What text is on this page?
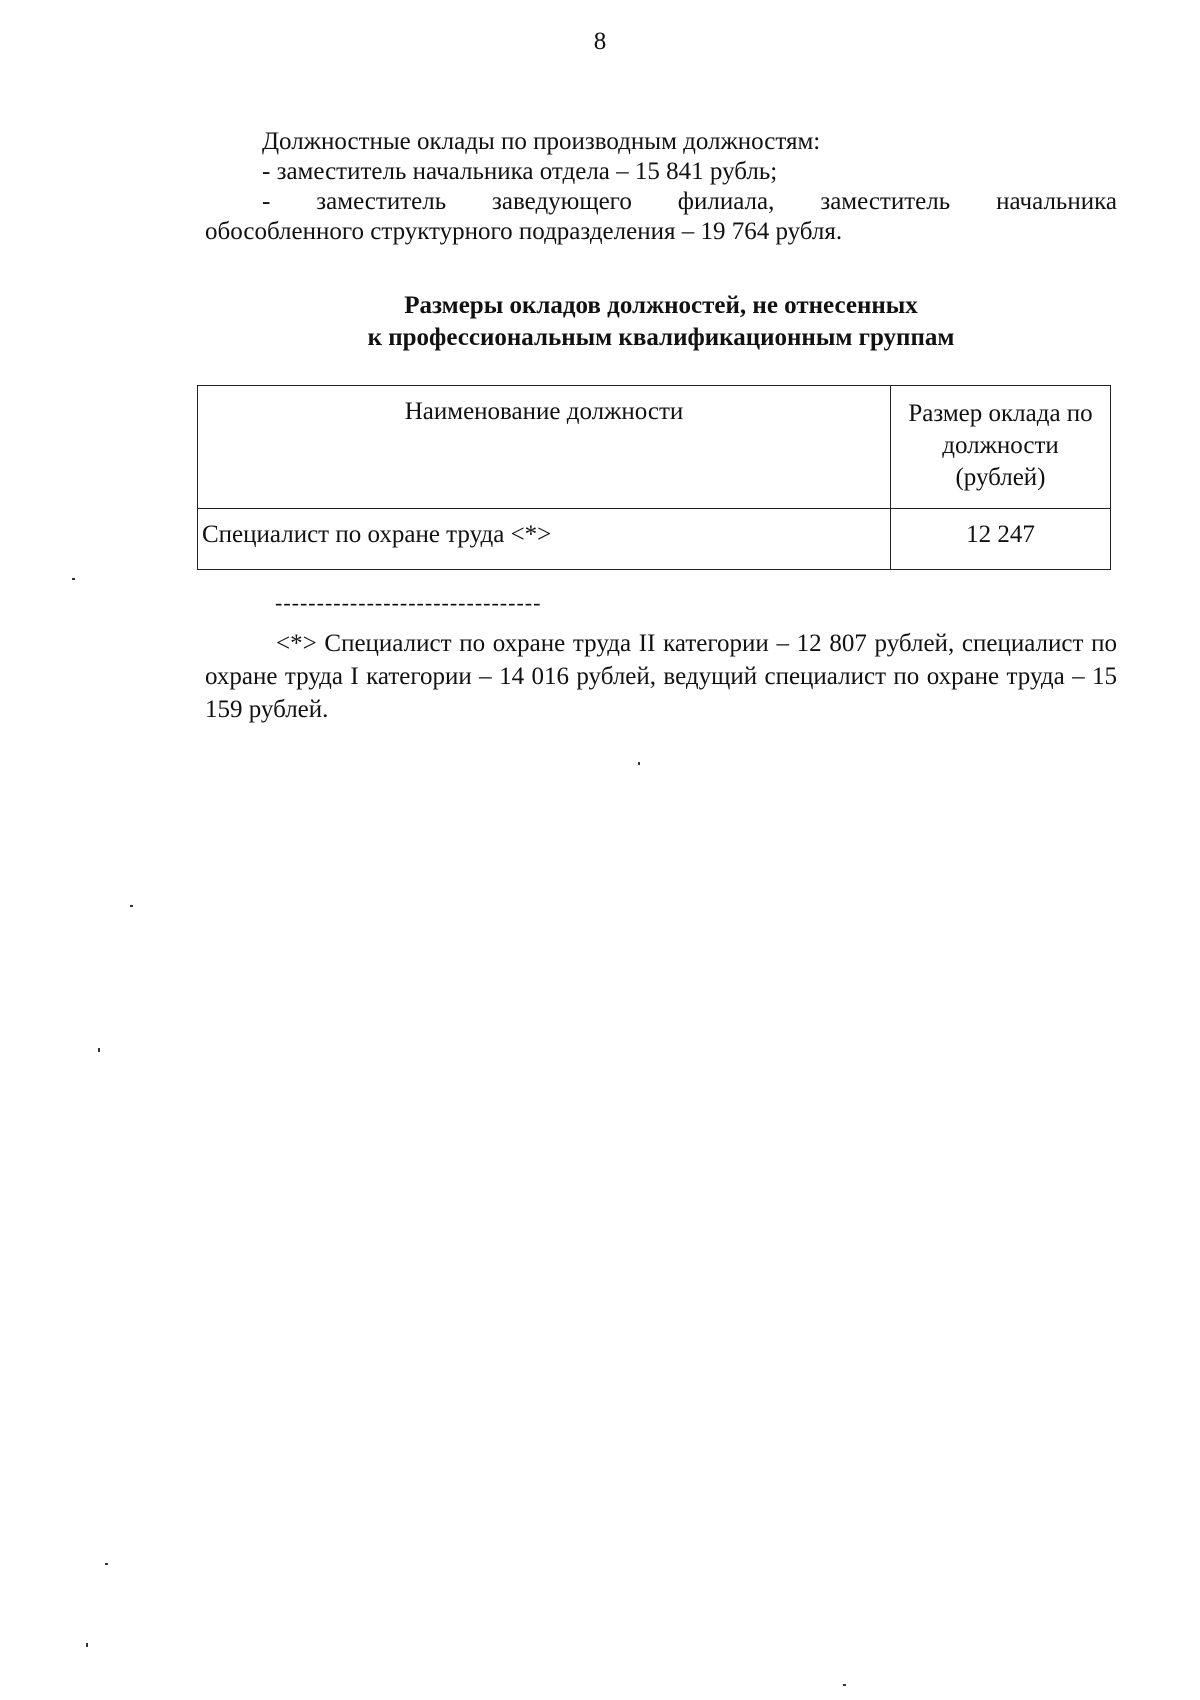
8
Должностные оклады по производным должностям:
- заместитель начальника отдела – 15 841 рубль;
- заместитель заведующего филиала, заместитель начальника
обособленного структурного подразделения – 19 764 рубля.
Размеры окладов должностей, не отнесенных
к профессиональным квалификационным группам
Наименование должности	Размер оклада по должности (рублей)
Специалист по охране труда <*>	12 247
--------------------------------
<*> Специалист по охране труда II категории – 12 807 рублей, специалист по охране труда I категории – 14 016 рублей, ведущий специалист по охране труда – 15 159 рублей.
